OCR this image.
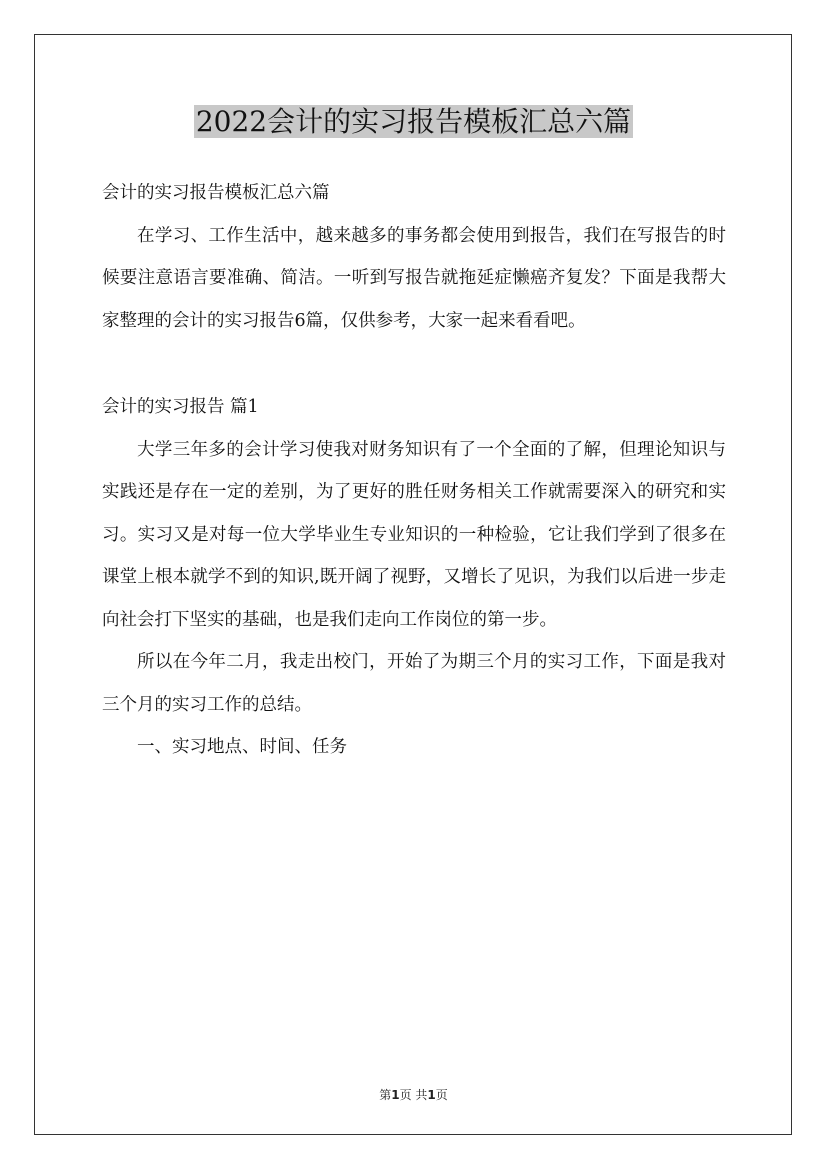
2022会计的实习报告模板汇总六篇

会计的实习报告模板汇总六篇

在学习、工作生活中，越来越多的事务都会使用到报告，我们在写报告的时候要注意语言要准确、简洁。一听到写报告就拖延症懒癌齐复发？下面是我帮大家整理的会计的实习报告6篇，仅供参考，大家一起来看看吧。

会计的实习报告 篇1

大学三年多的会计学习使我对财务知识有了一个全面的了解，但理论知识与实践还是存在一定的差别，为了更好的胜任财务相关工作就需要深入的研究和实习。实习又是对每一位大学毕业生专业知识的一种检验，它让我们学到了很多在课堂上根本就学不到的知识,既开阔了视野，又增长了见识，为我们以后进一步走向社会打下坚实的基础，也是我们走向工作岗位的第一步。

所以在今年二月，我走出校门，开始了为期三个月的实习工作，下面是我对三个月的实习工作的总结。

一、实习地点、时间、任务

第1页 共1页
